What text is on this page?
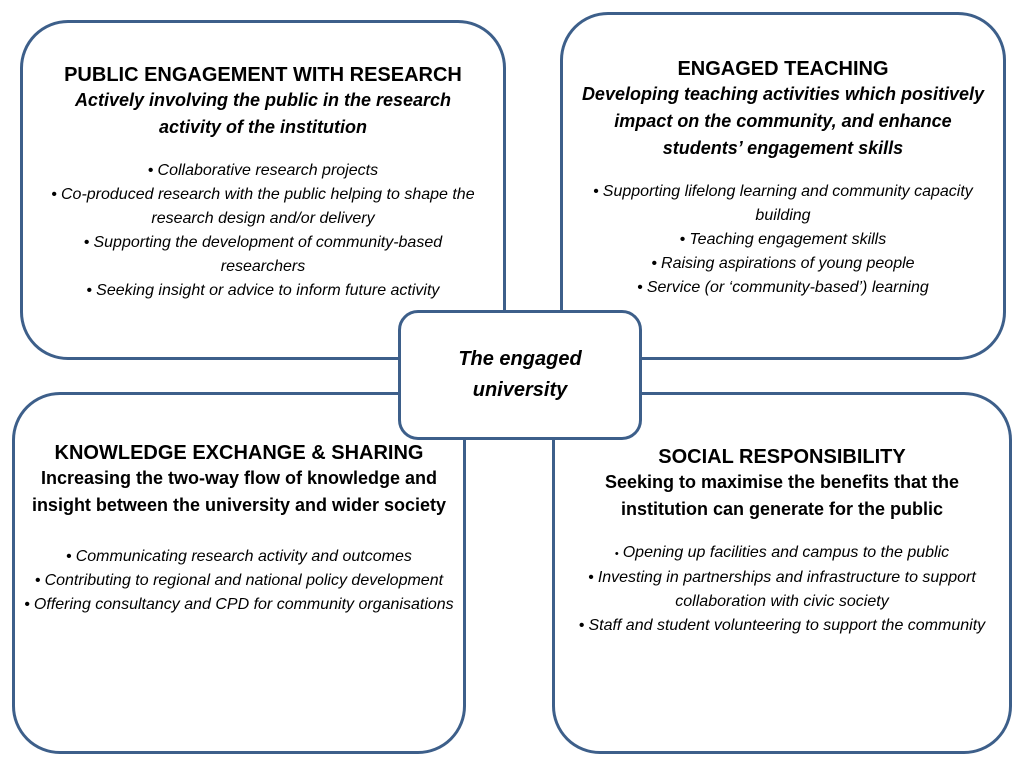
PUBLIC ENGAGEMENT WITH RESEARCH

Actively involving the public in the research activity of the institution

• Collaborative research projects
• Co-produced research with the public helping to shape the research design and/or delivery
• Supporting the development of community-based researchers
• Seeking insight or advice to inform future activity

ENGAGED TEACHING

Developing teaching activities which positively impact on the community, and enhance students’ engagement skills

• Supporting lifelong learning and community capacity building
• Teaching engagement skills
• Raising aspirations of young people
• Service (or ‘community-based’) learning

KNOWLEDGE EXCHANGE & SHARING

Increasing the two-way flow of knowledge and insight between the university and wider society

• Communicating research activity and outcomes
• Contributing to regional and national policy development
• Offering consultancy and CPD for community organisations

SOCIAL RESPONSIBILITY

Seeking to maximise the benefits that the institution can generate for the public

• Opening up facilities and campus to the public
• Investing in partnerships and infrastructure to support collaboration with civic society
• Staff and student volunteering to support the community
The engaged university
